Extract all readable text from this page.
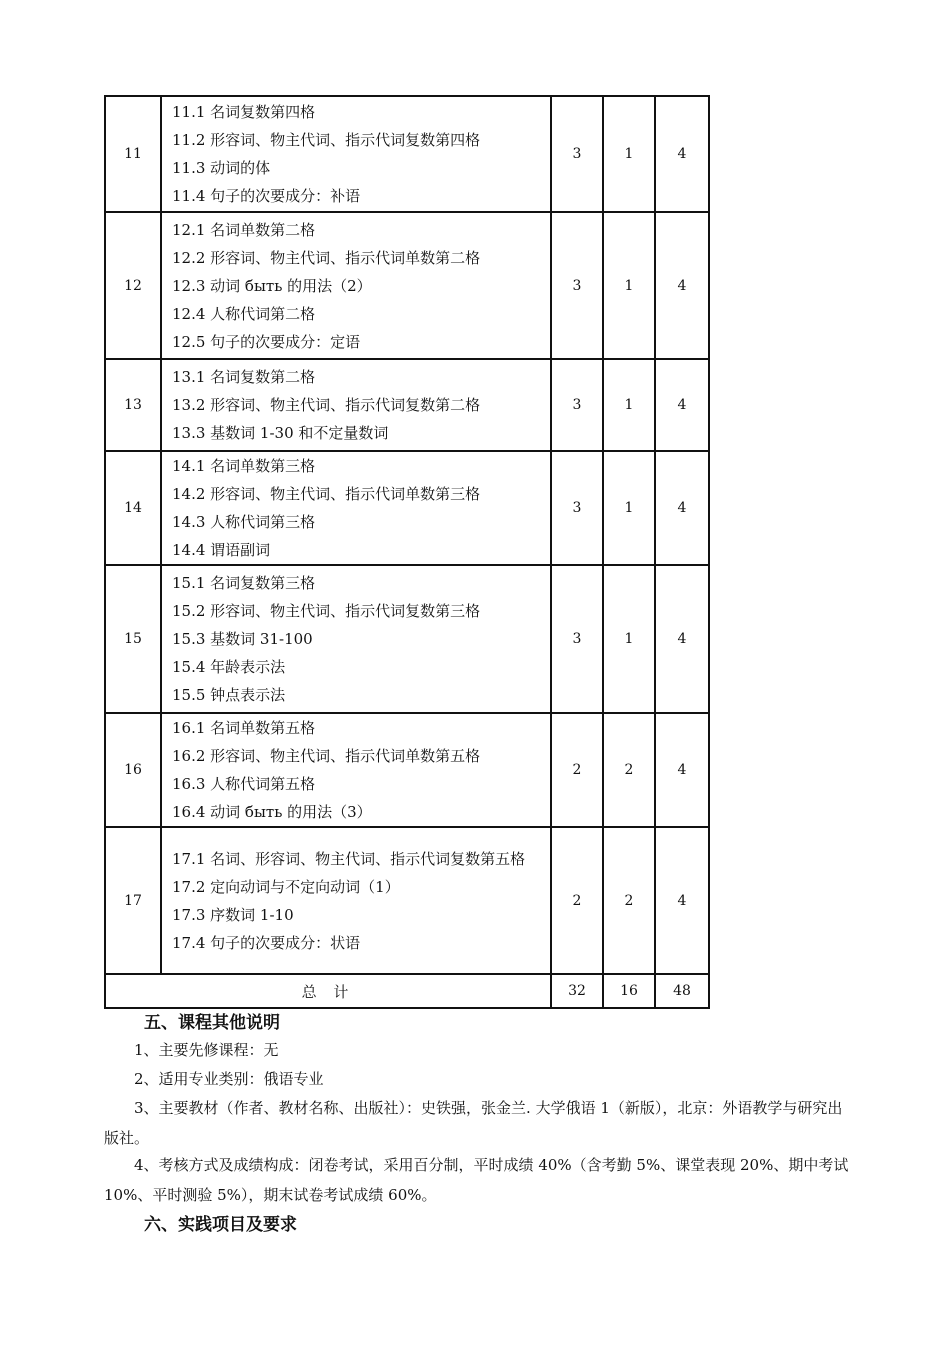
11	11.1 名词复数第四格
11.2 形容词、物主代词、指示代词复数第四格
11.3 动词的体
11.4 句子的次要成分：补语	3	1	4
12	12.1 名词单数第二格
12.2 形容词、物主代词、指示代词单数第二格
12.3 动词 быть 的用法（2）
12.4 人称代词第二格
12.5 句子的次要成分：定语	3	1	4
13	13.1 名词复数第二格
13.2 形容词、物主代词、指示代词复数第二格
13.3 基数词 1-30 和不定量数词	3	1	4
14	14.1 名词单数第三格
14.2 形容词、物主代词、指示代词单数第三格
14.3 人称代词第三格
14.4 谓语副词	3	1	4
15	15.1 名词复数第三格
15.2 形容词、物主代词、指示代词复数第三格
15.3 基数词 31-100
15.4 年龄表示法
15.5 钟点表示法	3	1	4
16	16.1 名词单数第五格
16.2 形容词、物主代词、指示代词单数第五格
16.3 人称代词第五格
16.4 动词 быть 的用法（3）	2	2	4
17	17.1 名词、形容词、物主代词、指示代词复数第五格
17.2 定向动词与不定向动词（1）
17.3 序数词 1-10
17.4 句子的次要成分：状语	2	2	4
总 计		32	16	48
五、课程其他说明
1、主要先修课程：无
2、适用专业类别：俄语专业
3、主要教材（作者、教材名称、出版社）：史铁强，张金兰. 大学俄语 1（新版），北京：外语教学与研究出版社。
4、考核方式及成绩构成：闭卷考试，采用百分制，平时成绩 40%（含考勤 5%、课堂表现 20%、期中考试 10%、平时测验 5%），期末试卷考试成绩 60%。
六、实践项目及要求
